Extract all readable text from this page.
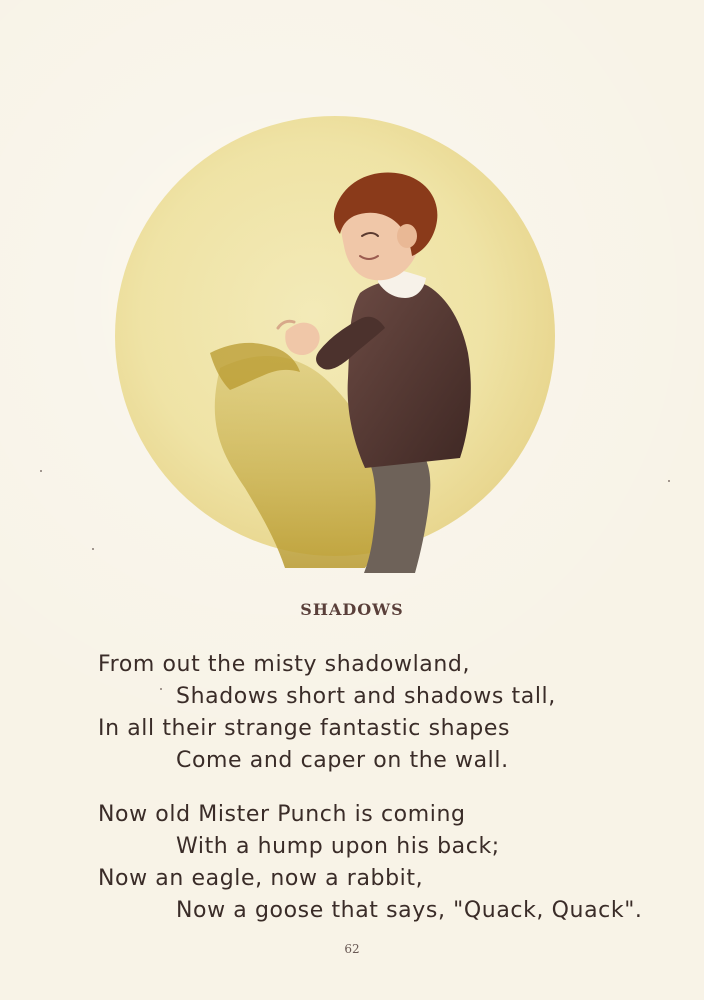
SHADOWS
From out the misty shadowland,
Shadows short and shadows tall,
In all their strange fantastic shapes
Come and caper on the wall.
Now old Mister Punch is coming
With a hump upon his back;
Now an eagle, now a rabbit,
Now a goose that says, "Quack, Quack".
62
